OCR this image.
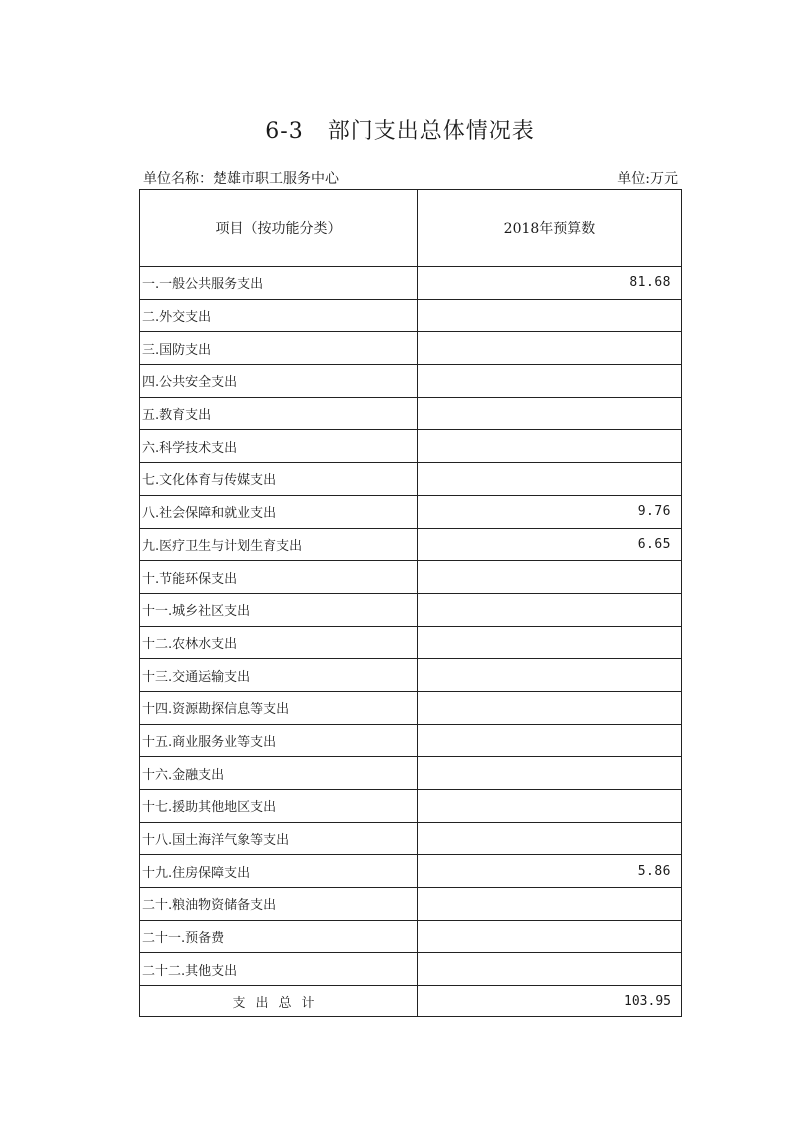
6-3   部门支出总体情况表
单位名称：楚雄市职工服务中心	单位:万元
项目（按功能分类）	2018年预算数
一.一般公共服务支出	81.68
二.外交支出	
三.国防支出	
四.公共安全支出	
五.教育支出	
六.科学技术支出	
七.文化体育与传媒支出	
八.社会保障和就业支出	9.76
九.医疗卫生与计划生育支出	6.65
十.节能环保支出	
十一.城乡社区支出	
十二.农林水支出	
十三.交通运输支出	
十四.资源勘探信息等支出	
十五.商业服务业等支出	
十六.金融支出	
十七.援助其他地区支出	
十八.国土海洋气象等支出	
十九.住房保障支出	5.86
二十.粮油物资储备支出	
二十一.预备费	
二十二.其他支出	
支出总计	103.95
